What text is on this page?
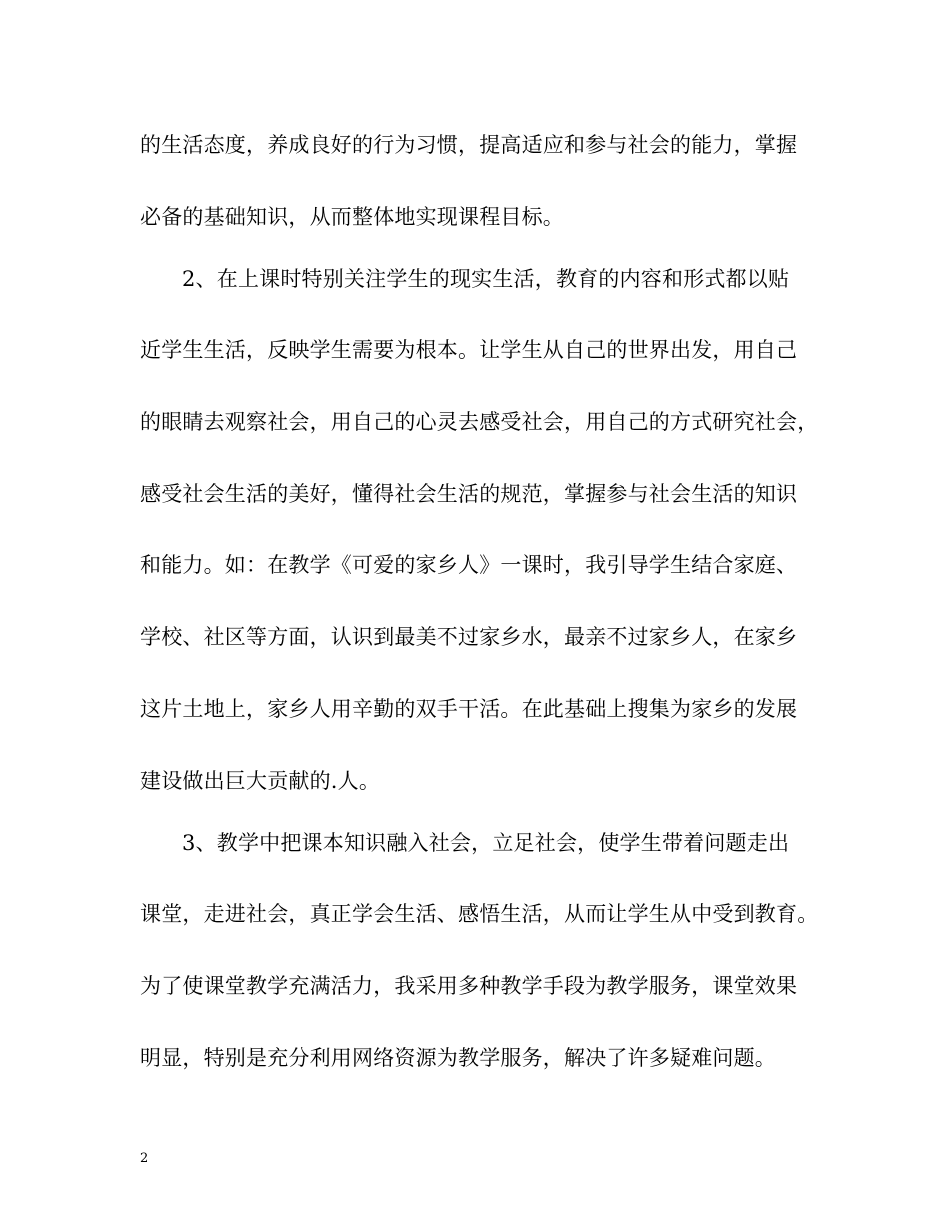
的生活态度，养成良好的行为习惯，提高适应和参与社会的能力，掌握
必备的基础知识，从而整体地实现课程目标。
2、在上课时特别关注学生的现实生活，教育的内容和形式都以贴
近学生生活，反映学生需要为根本。让学生从自己的世界出发，用自己
的眼睛去观察社会，用自己的心灵去感受社会，用自己的方式研究社会，
感受社会生活的美好，懂得社会生活的规范，掌握参与社会生活的知识
和能力。如：在教学《可爱的家乡人》一课时，我引导学生结合家庭、
学校、社区等方面，认识到最美不过家乡水，最亲不过家乡人，在家乡
这片土地上，家乡人用辛勤的双手干活。在此基础上搜集为家乡的发展
建设做出巨大贡献的.人。
3、教学中把课本知识融入社会，立足社会，使学生带着问题走出
课堂，走进社会，真正学会生活、感悟生活，从而让学生从中受到教育。
为了使课堂教学充满活力，我采用多种教学手段为教学服务，课堂效果
明显，特别是充分利用网络资源为教学服务，解决了许多疑难问题。
2
